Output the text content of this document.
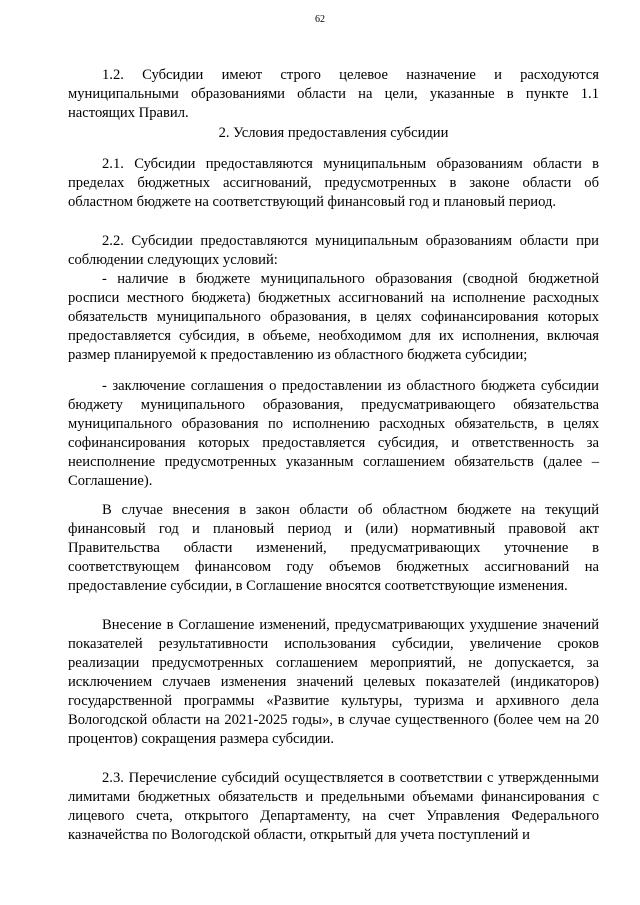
62

1.2. Субсидии имеют строго целевое назначение и расходуются муниципальными образованиями области на цели, указанные в пункте 1.1 настоящих Правил.

2. Условия предоставления субсидии

2.1. Субсидии предоставляются муниципальным образованиям области в пределах бюджетных ассигнований, предусмотренных в законе области об областном бюджете на соответствующий финансовый год и плановый период.

2.2. Субсидии предоставляются муниципальным образованиям области при соблюдении следующих условий:

- наличие в бюджете муниципального образования (сводной бюджетной росписи местного бюджета) бюджетных ассигнований на исполнение расходных обязательств муниципального образования, в целях софинансирования которых предоставляется субсидия, в объеме, необходимом для их исполнения, включая размер планируемой к предоставлению из областного бюджета субсидии;

- заключение соглашения о предоставлении из областного бюджета субсидии бюджету муниципального образования, предусматривающего обязательства муниципального образования по исполнению расходных обязательств, в целях софинансирования которых предоставляется субсидия, и ответственность за неисполнение предусмотренных указанным соглашением обязательств (далее – Соглашение).

В случае внесения в закон области об областном бюджете на текущий финансовый год и плановый период и (или) нормативный правовой акт Правительства области изменений, предусматривающих уточнение в соответствующем финансовом году объемов бюджетных ассигнований на предоставление субсидии, в Соглашение вносятся соответствующие изменения.

Внесение в Соглашение изменений, предусматривающих ухудшение значений показателей результативности использования субсидии, увеличение сроков реализации предусмотренных соглашением мероприятий, не допускается, за исключением случаев изменения значений целевых показателей (индикаторов) государственной программы «Развитие культуры, туризма и архивного дела Вологодской области на 2021-2025 годы», в случае существенного (более чем на 20 процентов) сокращения размера субсидии.

2.3. Перечисление субсидий осуществляется в соответствии с утвержденными лимитами бюджетных обязательств и предельными объемами финансирования с лицевого счета, открытого Департаменту, на счет Управления Федерального казначейства по Вологодской области, открытый для учета поступлений и
